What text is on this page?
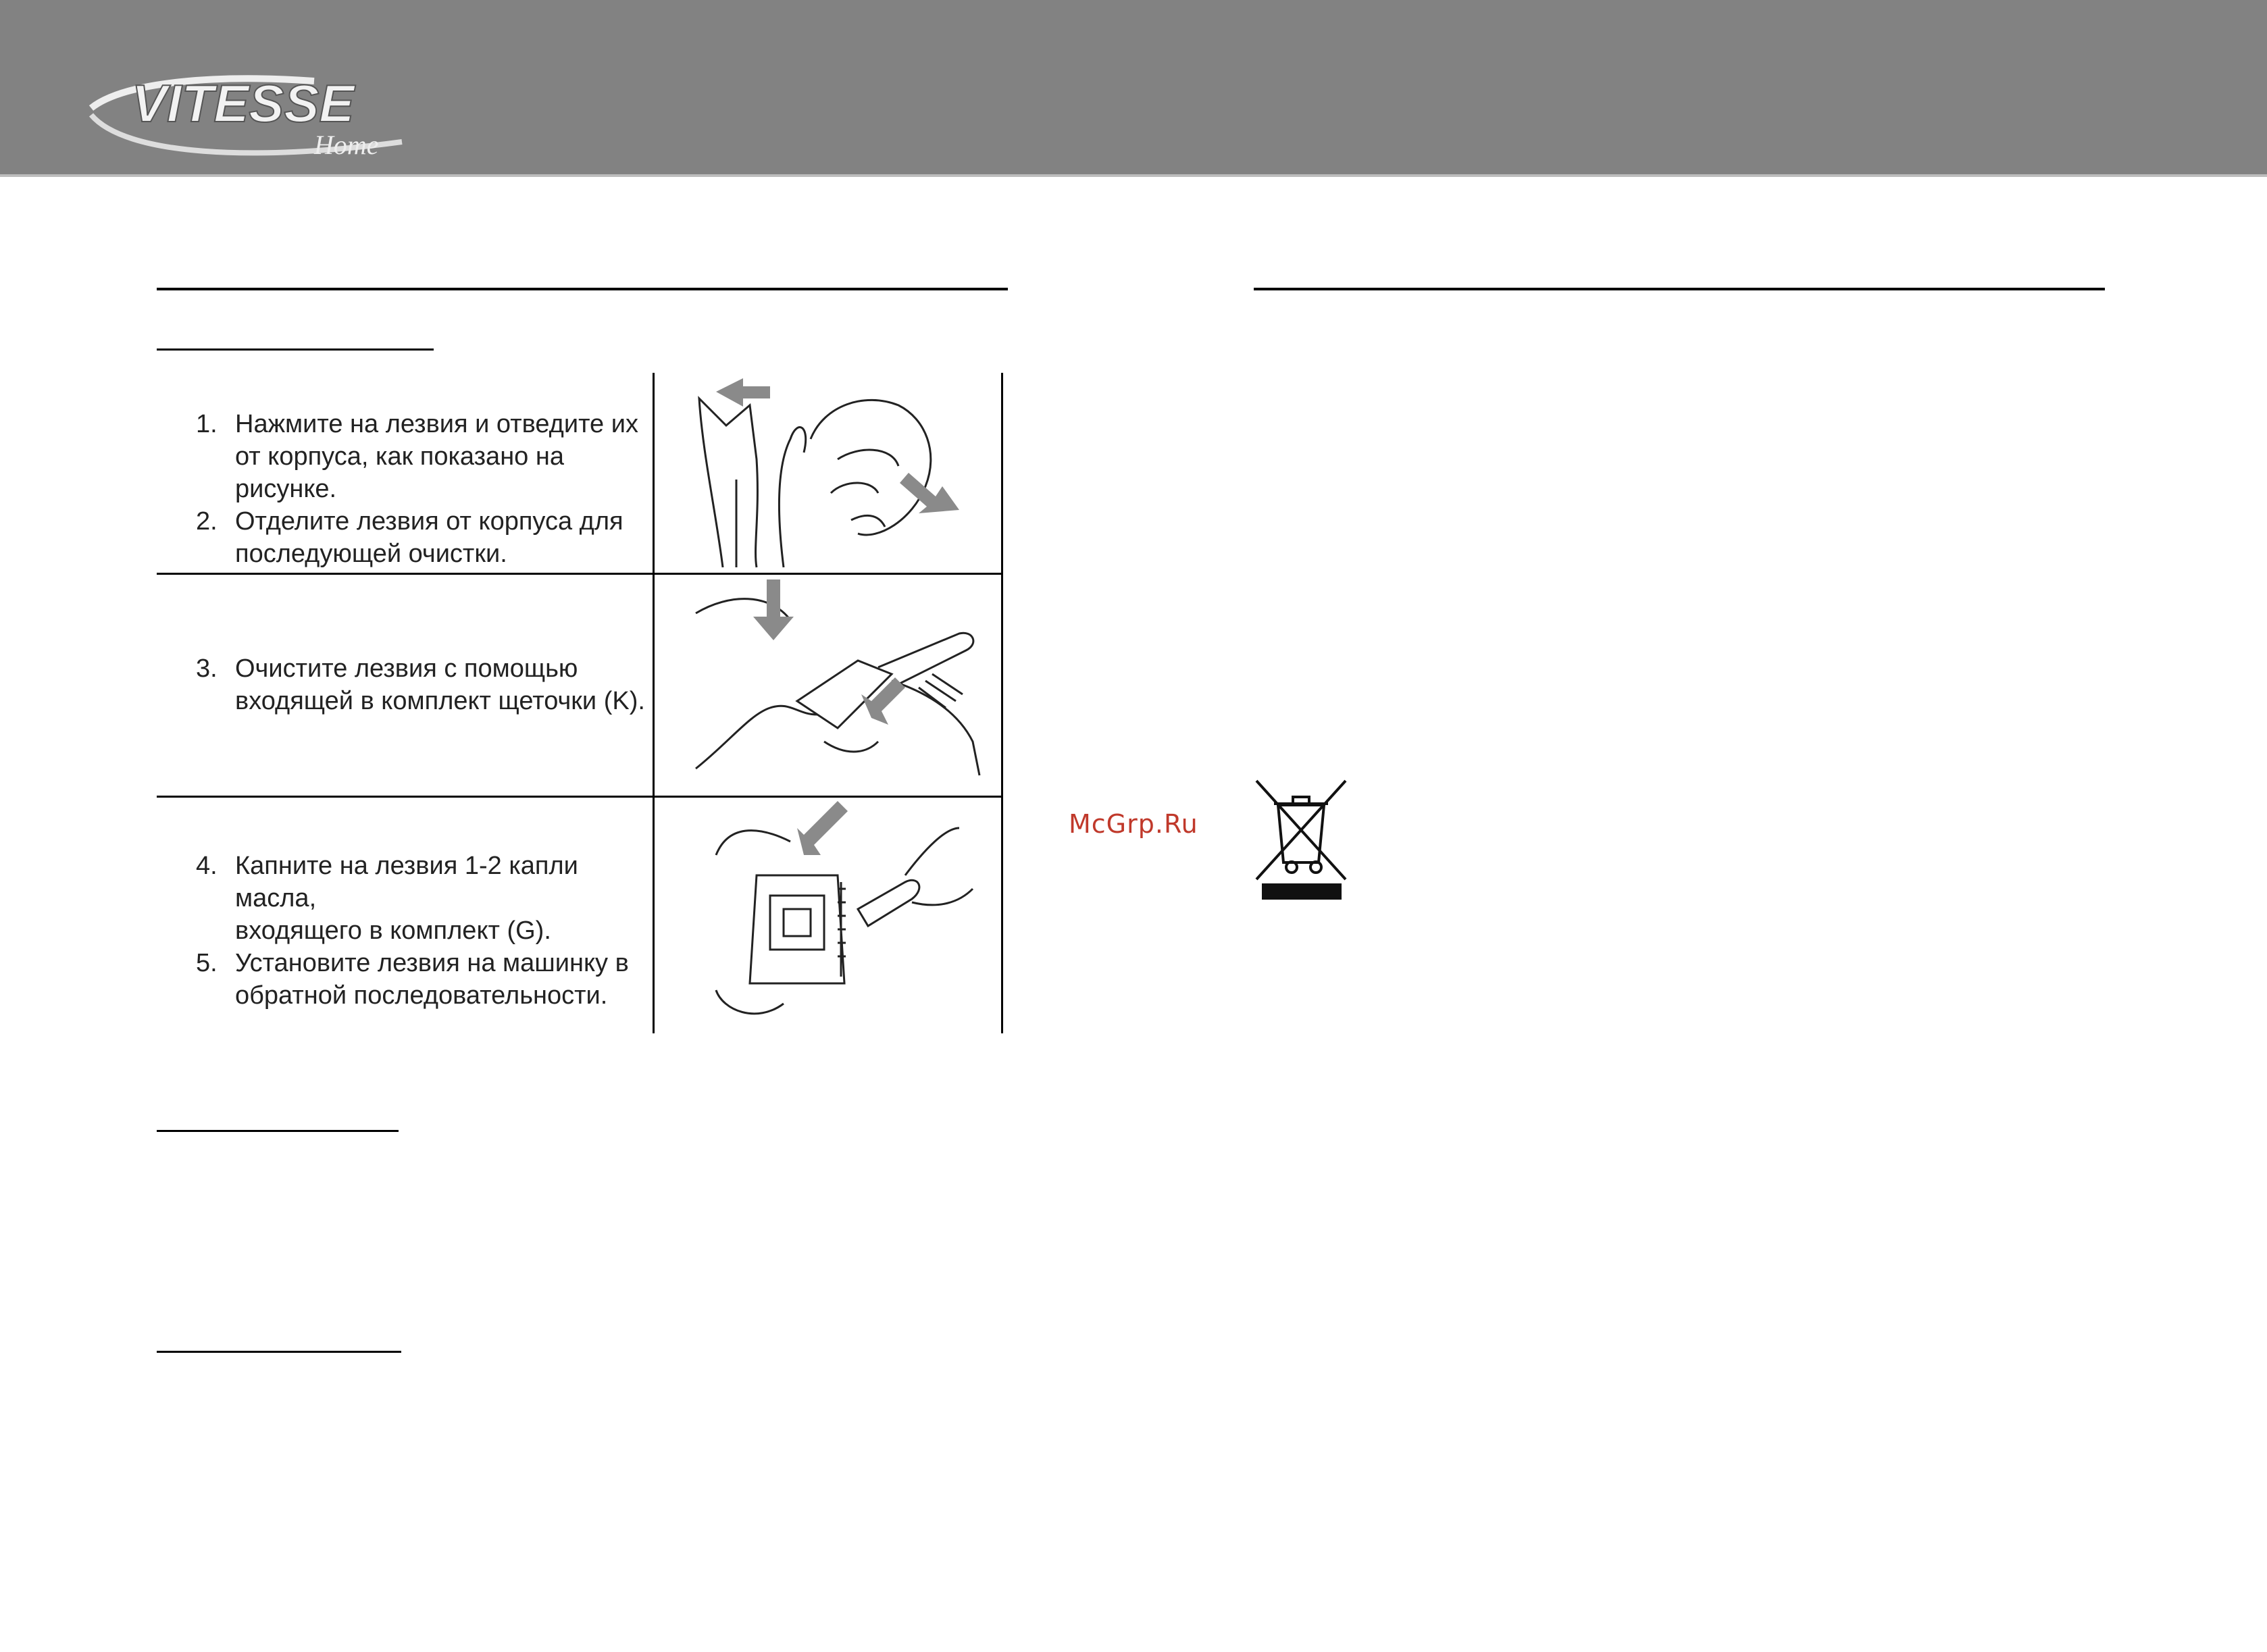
VITESSE
Home
1. Нажмите на лезвия и отведите их
от корпуса, как показано на рисунке.
2. Отделите лезвия от корпуса для
последующей очистки.
3. Очистите лезвия с помощью
входящей в комплект щеточки (K).
4. Капните на лезвия 1-2 капли масла,
входящего в комплект (G).
5. Установите лезвия на машинку в
обратной последовательности.
McGrp.Ru
